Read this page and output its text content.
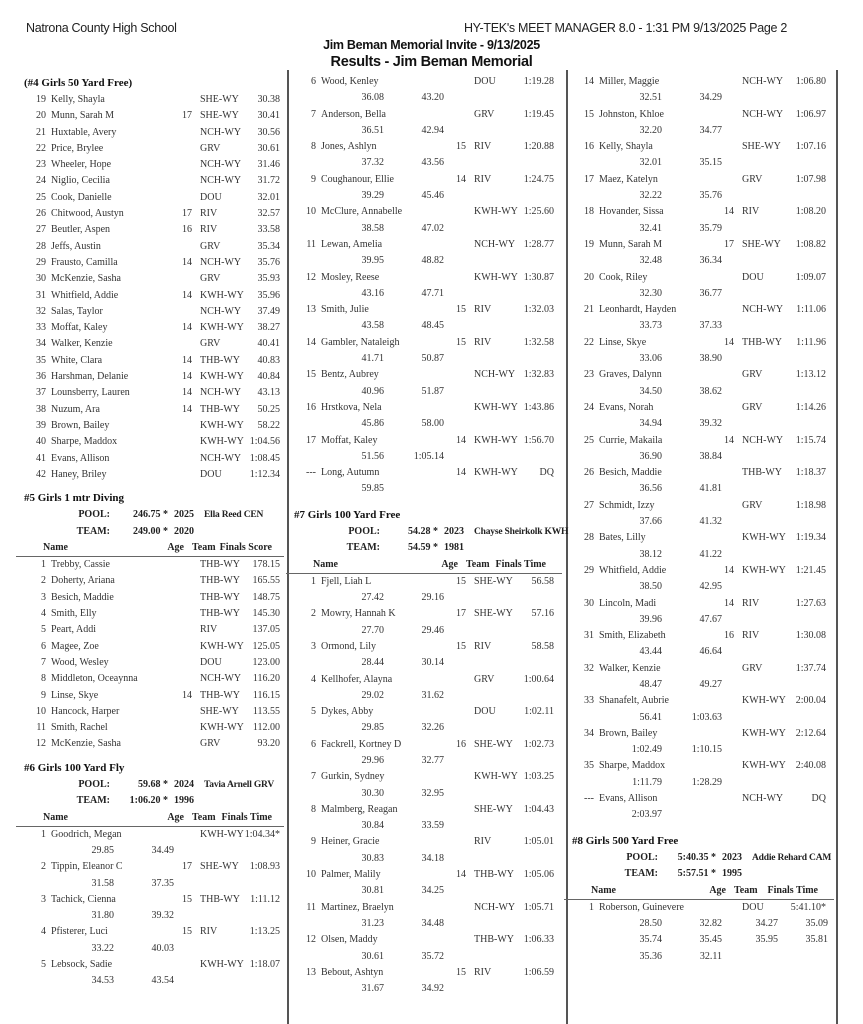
Natrona County High School	HY-TEK's MEET MANAGER 8.0 - 1:31 PM 9/13/2025 Page 2
Jim Beman Memorial Invite - 9/13/2025
Results - Jim Beman Memorial
(#4 Girls 50 Yard Free)
19 Kelly, Shayla	SHE-WY	30.38
20 Munn, Sarah M	17 SHE-WY	30.41
21 Huxtable, Avery	NCH-WY	30.56
22 Price, Brylee	GRV	30.61
23 Wheeler, Hope	NCH-WY	31.46
24 Niglio, Cecilia	NCH-WY	31.72
25 Cook, Danielle	DOU	32.01
26 Chitwood, Austyn	17 RIV	32.57
27 Beutler, Aspen	16 RIV	33.58
28 Jeffs, Austin	GRV	35.34
29 Frausto, Camilla	14 NCH-WY	35.76
30 McKenzie, Sasha	GRV	35.93
31 Whitfield, Addie	14 KWH-WY	35.96
32 Salas, Taylor	NCH-WY	37.49
33 Moffat, Kaley	14 KWH-WY	38.27
34 Walker, Kenzie	GRV	40.41
35 White, Clara	14 THB-WY	40.83
36 Harshman, Delanie	14 KWH-WY	40.84
37 Lounsberry, Lauren	14 NCH-WY	43.13
38 Nuzum, Ara	14 THB-WY	50.25
39 Brown, Bailey	KWH-WY	58.22
40 Sharpe, Maddox	KWH-WY 1:04.56
41 Evans, Allison	NCH-WY 1:08.45
42 Haney, Briley	DOU	1:12.34
#5 Girls 1 mtr Diving
POOL:	246.75 * 2025 Ella Reed CEN
TEAM:	249.00 * 2020
Name	Age Team Finals Score
1 Trebby, Cassie	THB-WY	178.15
2 Doherty, Ariana	THB-WY	165.55
3 Besich, Maddie	THB-WY	148.75
4 Smith, Elly	THB-WY	145.30
5 Peart, Addi	RIV	137.05
6 Magee, Zoe	KWH-WY 125.05
7 Wood, Wesley	DOU	123.00
8 Middleton, Oceaynna	NCH-WY	116.20
9 Linse, Skye	14 THB-WY	116.15
10 Hancock, Harper	SHE-WY	113.55
11 Smith, Rachel	KWH-WY 112.00
12 McKenzie, Sasha	GRV	93.20
#6 Girls 100 Yard Fly
POOL:	59.68 * 2024 Tavia Arnell GRV
TEAM:	1:06.20 * 1996
Name	Age Team Finals Time
1 Goodrich, Megan	KWH-WY 1:04.34*
29.85	34.49
2 Tippin, Eleanor C	17 SHE-WY	1:08.93
31.58	37.35
3 Tachick, Cienna	15 THB-WY	1:11.12
31.80	39.32
4 Pfisterer, Luci	15 RIV	1:13.25
33.22	40.03
5 Lebsock, Sadie	KWH-WY 1:18.07
34.53	43.54
6 Wood, Kenley	DOU	1:19.28
36.08	43.20
7 Anderson, Bella	GRV	1:19.45
36.51	42.94
8 Jones, Ashlyn	15 RIV	1:20.88
37.32	43.56
9 Coughanour, Ellie	14 RIV	1:24.75
39.29	45.46
10 McClure, Annabelle	KWH-WY 1:25.60
38.58	47.02
11 Lewan, Amelia	NCH-WY 1:28.77
39.95	48.82
12 Mosley, Reese	KWH-WY 1:30.87
43.16	47.71
13 Smith, Julie	15 RIV	1:32.03
43.58	48.45
14 Gambler, Nataleigh	15 RIV	1:32.58
41.71	50.87
15 Bentz, Aubrey	NCH-WY 1:32.83
40.96	51.87
16 Hrstkova, Nela	KWH-WY 1:43.86
45.86	58.00
17 Moffat, Kaley	14 KWH-WY 1:56.70
51.56	1:05.14
--- Long, Autumn	14 KWH-WY	DQ
59.85
#7 Girls 100 Yard Free
POOL:	54.28 * 2023 Chayse Sheirkolk KWH
TEAM:	54.59 * 1981
Name	Age Team Finals Time
1 Fjell, Liah L	15 SHE-WY	56.58
27.42	29.16
2 Mowry, Hannah K	17 SHE-WY	57.16
27.70	29.46
3 Ormond, Lily	15 RIV	58.58
28.44	30.14
4 Kellhofer, Alayna	GRV	1:00.64
29.02	31.62
5 Dykes, Abby	DOU	1:02.11
29.85	32.26
6 Fackrell, Kortney D	16 SHE-WY	1:02.73
29.96	32.77
7 Gurkin, Sydney	KWH-WY 1:03.25
30.30	32.95
8 Malmberg, Reagan	SHE-WY	1:04.43
30.84	33.59
9 Heiner, Gracie	RIV	1:05.01
30.83	34.18
10 Palmer, Malily	14 THB-WY 1:05.06
30.81	34.25
11 Martinez, Braelyn	NCH-WY 1:05.71
31.23	34.48
12 Olsen, Maddy	THB-WY 1:06.33
30.61	35.72
13 Bebout, Ashtyn	15 RIV	1:06.59
31.67	34.92
14 Miller, Maggie	NCH-WY	1:06.80
32.51	34.29
15 Johnston, Khloe	NCH-WY	1:06.97
32.20	34.77
16 Kelly, Shayla	SHE-WY	1:07.16
32.01	35.15
17 Maez, Katelyn	GRV	1:07.98
32.22	35.76
18 Hovander, Sissa	14 RIV	1:08.20
32.41	35.79
19 Munn, Sarah M	17 SHE-WY	1:08.82
32.48	36.34
20 Cook, Riley	DOU	1:09.07
32.30	36.77
21 Leonhardt, Hayden	NCH-WY	1:11.06
33.73	37.33
22 Linse, Skye	14 THB-WY	1:11.96
33.06	38.90
23 Graves, Dalynn	GRV	1:13.12
34.50	38.62
24 Evans, Norah	GRV	1:14.26
34.94	39.32
25 Currie, Makaila	14 NCH-WY	1:15.74
36.90	38.84
26 Besich, Maddie	THB-WY	1:18.37
36.56	41.81
27 Schmidt, Izzy	GRV	1:18.98
37.66	41.32
28 Bates, Lilly	KWH-WY 1:19.34
38.12	41.22
29 Whitfield, Addie	14 KWH-WY 1:21.45
38.50	42.95
30 Lincoln, Madi	14 RIV	1:27.63
39.96	47.67
31 Smith, Elizabeth	16 RIV	1:30.08
43.44	46.64
32 Walker, Kenzie	GRV	1:37.74
48.47	49.27
33 Shanafelt, Aubrie	KWH-WY 2:00.04
56.41	1:03.63
34 Brown, Bailey	KWH-WY 2:12.64
1:02.49	1:10.15
35 Sharpe, Maddox	KWH-WY 2:40.08
1:11.79	1:28.29
--- Evans, Allison	NCH-WY	DQ
2:03.97
#8 Girls 500 Yard Free
POOL:	5:40.35 * 2023 Addie Rehard CAM
TEAM:	5:57.51 * 1995
Name	Age Team Finals Time
1 Roberson, Guinevere	DOU	5:41.10*
28.50	32.82	34.27	35.09
35.74	35.45	35.95	35.81
35.36	32.11
